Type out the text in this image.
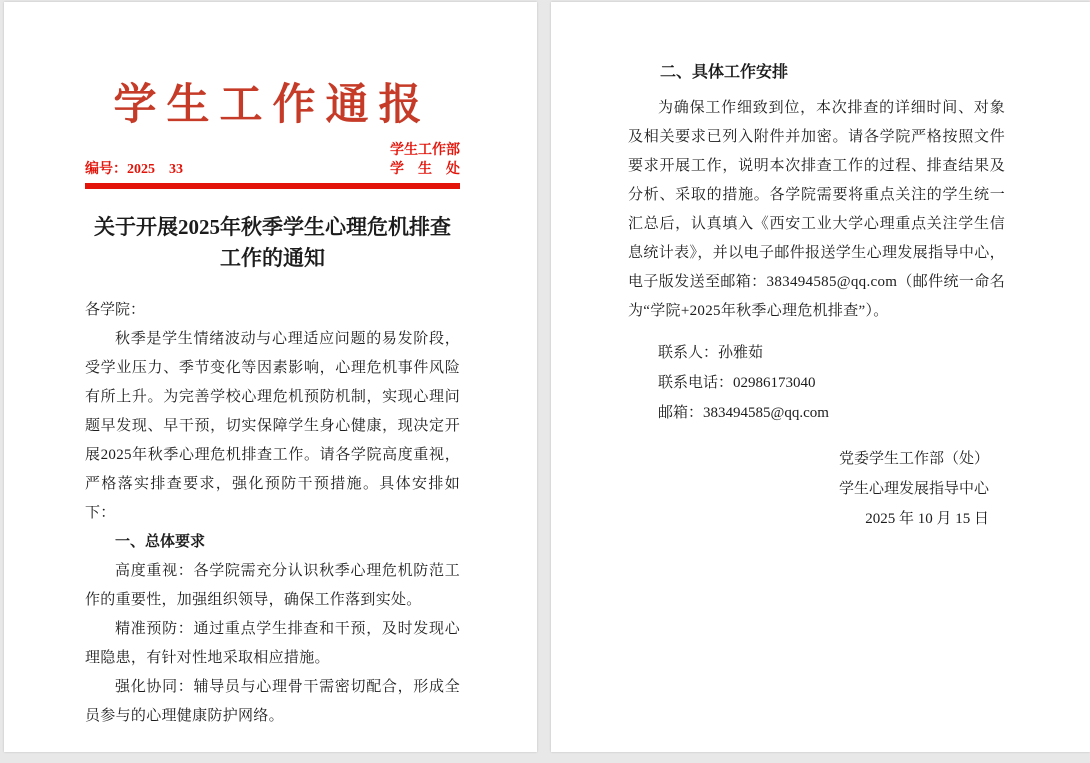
学生工作通报
编号：2025　33
学生工作部
学　生　处
关于开展2025年秋季学生心理危机排查
工作的通知

各学院：

秋季是学生情绪波动与心理适应问题的易发阶段，受学业压力、季节变化等因素影响，心理危机事件风险有所上升。为完善学校心理危机预防机制，实现心理问题早发现、早干预，切实保障学生身心健康，现决定开展2025年秋季心理危机排查工作。请各学院高度重视，严格落实排查要求，强化预防干预措施。具体安排如下：

一、总体要求

高度重视：各学院需充分认识秋季心理危机防范工作的重要性，加强组织领导，确保工作落到实处。

精准预防：通过重点学生排查和干预，及时发现心理隐患，有针对性地采取相应措施。

强化协同：辅导员与心理骨干需密切配合，形成全员参与的心理健康防护网络。

二、具体工作安排

为确保工作细致到位，本次排查的详细时间、对象及相关要求已列入附件并加密。请各学院严格按照文件要求开展工作，说明本次排查工作的过程、排查结果及分析、采取的措施。各学院需要将重点关注的学生统一汇总后，认真填入《西安工业大学心理重点关注学生信息统计表》，并以电子邮件报送学生心理发展指导中心，电子版发送至邮箱：383494585@qq.com（邮件统一命名为“学院+2025年秋季心理危机排查”）。

联系人：孙雅茹
联系电话：02986173040
邮箱：383494585@qq.com
党委学生工作部（处）
学生心理发展指导中心
2025 年 10 月 15 日
